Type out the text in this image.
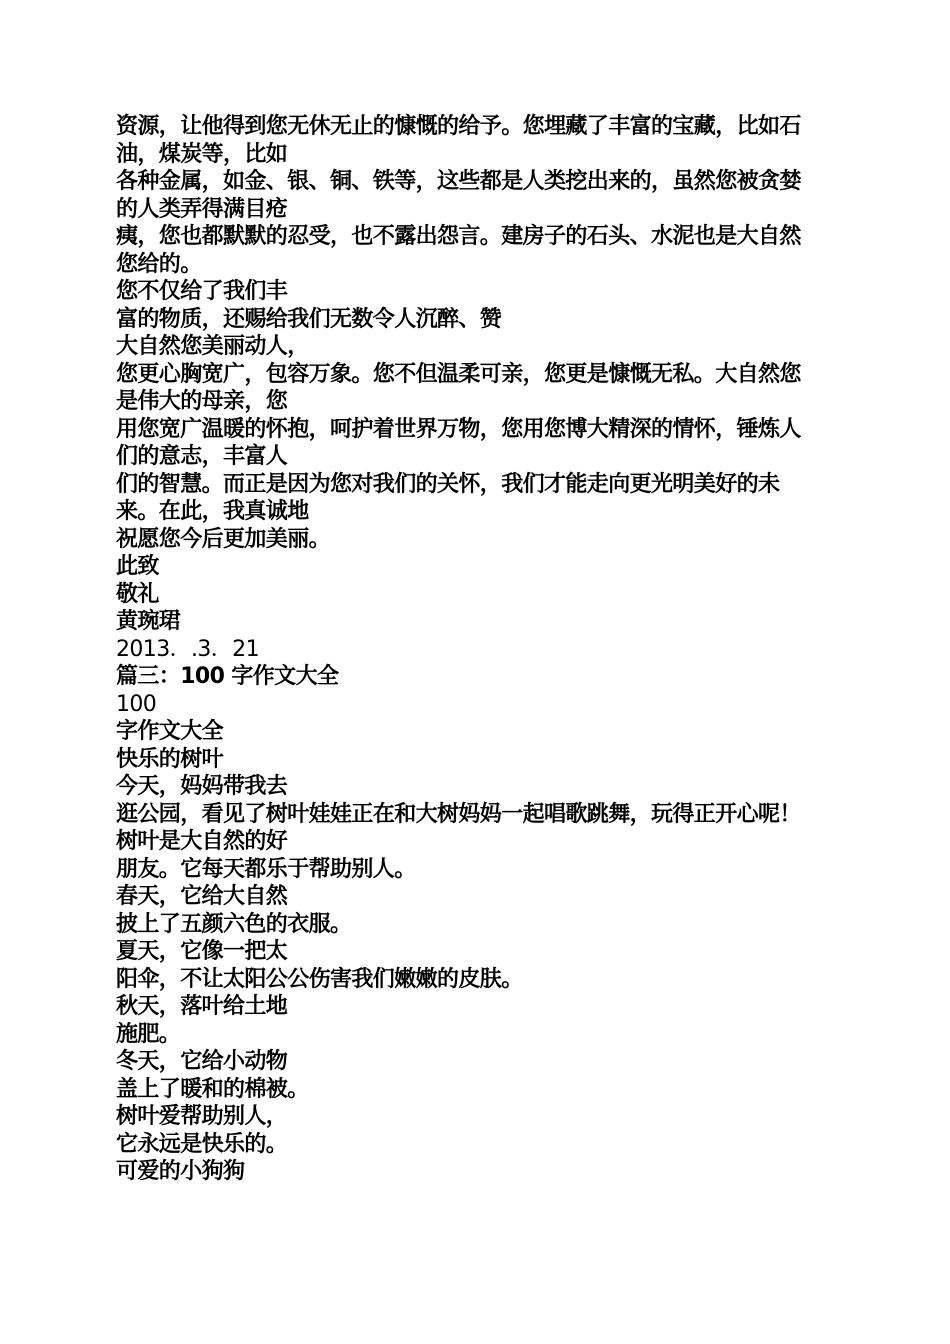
资源，让他得到您无休无止的慷慨的给予。您埋藏了丰富的宝藏，比如石油，煤炭等，比如

各种金属，如金、银、铜、铁等，这些都是人类挖出来的，虽然您被贪婪的人类弄得满目疮

痍，您也都默默的忍受，也不露出怨言。建房子的石头、水泥也是大自然您给的。

您不仅给了我们丰

富的物质，还赐给我们无数令人沉醉、赞

大自然您美丽动人，

您更心胸宽广，包容万象。您不但温柔可亲，您更是慷慨无私。大自然您是伟大的母亲，您

用您宽广温暖的怀抱，呵护着世界万物，您用您博大精深的情怀，锤炼人们的意志，丰富人

们的智慧。而正是因为您对我们的关怀，我们才能走向更光明美好的未来。在此，我真诚地

祝愿您今后更加美丽。

此致

敬礼

黄琬珺

2013．.3．21

篇三：100 字作文大全

100

字作文大全

快乐的树叶

今天，妈妈带我去

逛公园，看见了树叶娃娃正在和大树妈妈一起唱歌跳舞，玩得正开心呢！

树叶是大自然的好

朋友。它每天都乐于帮助别人。

春天，它给大自然

披上了五颜六色的衣服。

夏天，它像一把太

阳伞，不让太阳公公伤害我们嫩嫩的皮肤。

秋天，落叶给土地

施肥。

冬天，它给小动物

盖上了暖和的棉被。

树叶爱帮助别人，

它永远是快乐的。

可爱的小狗狗
